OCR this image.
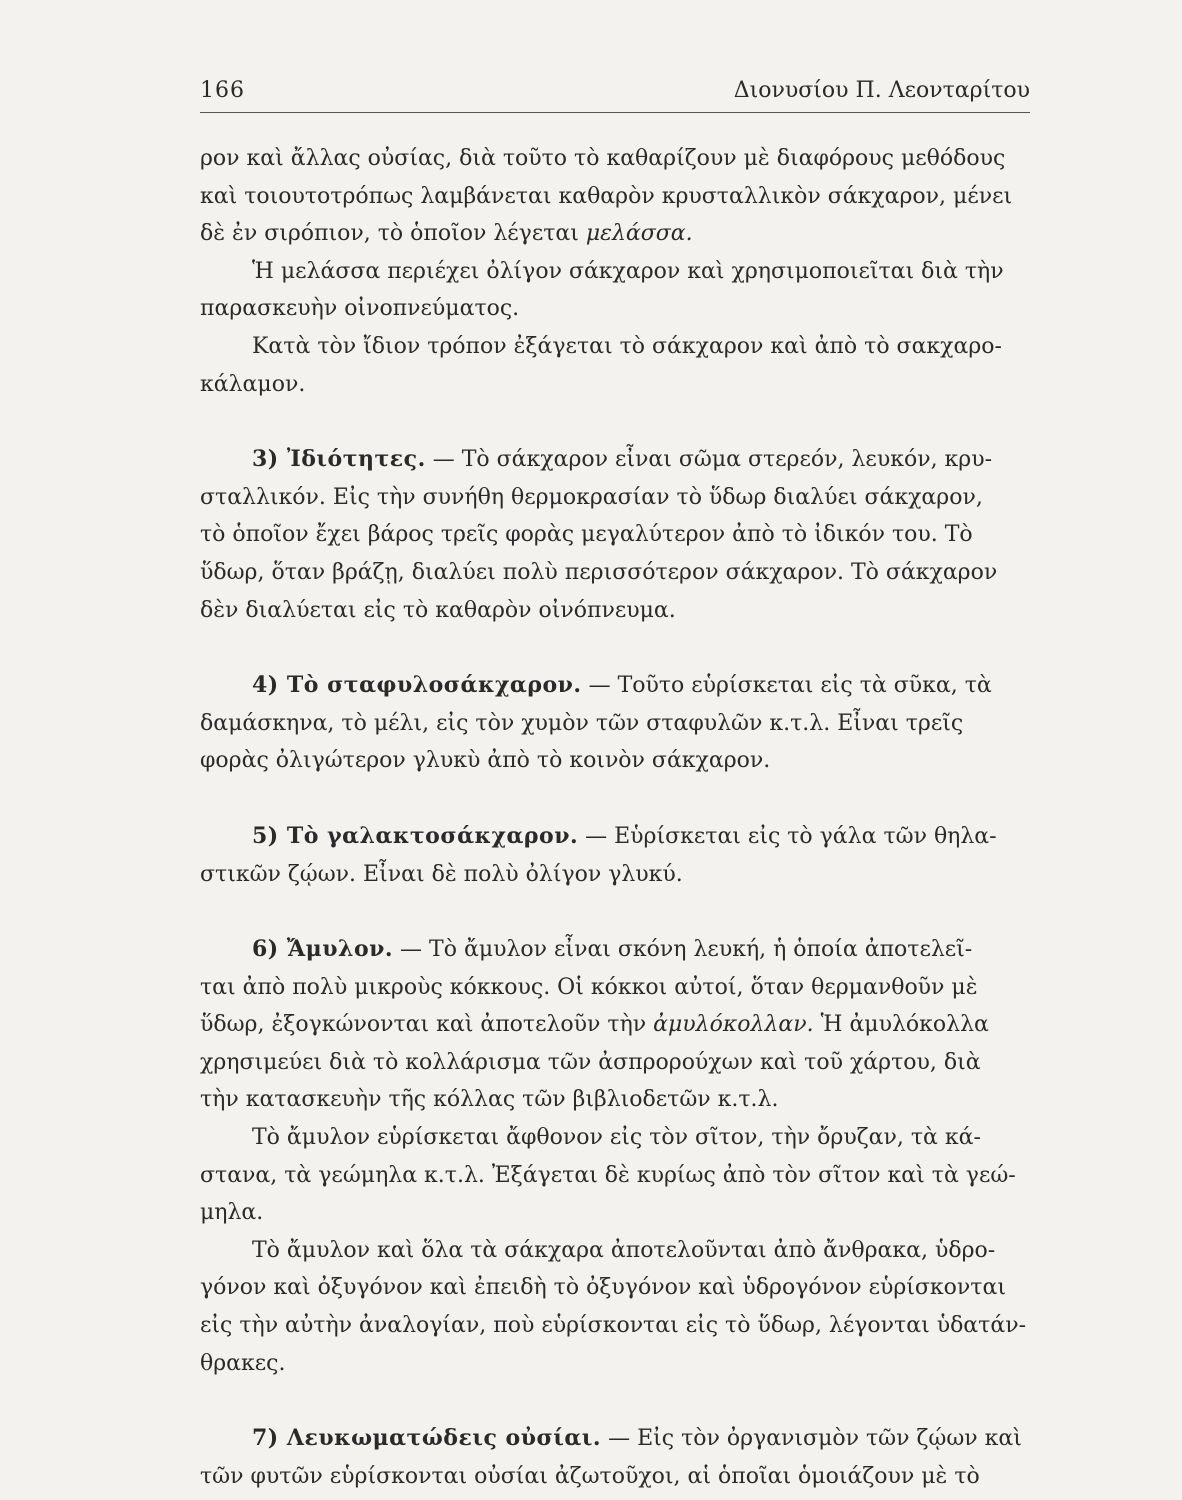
166	Διονυσίου Π. Λεονταρίτου

ρον καὶ ἄλλας οὐσίας, διὰ τοῦτο τὸ καθαρίζουν μὲ διαφόρους μεθόδους
καὶ τοιουτοτρόπως λαμβάνεται καθαρὸν κρυσταλλικὸν σάκχαρον, μένει
δὲ ἐν σιρόπιον, τὸ ὁποῖον λέγεται μελάσσα.
Ἡ μελάσσα περιέχει ὀλίγον σάκχαρον καὶ χρησιμοποιεῖται διὰ τὴν
παρασκευὴν οἰνοπνεύματος.
Κατὰ τὸν ἴδιον τρόπον ἐξάγεται τὸ σάκχαρον καὶ ἀπὸ τὸ σακχαρο-
κάλαμον.

3) Ἰδιότητες. — Τὸ σάκχαρον εἶναι σῶμα στερεόν, λευκόν, κρυ-
σταλλικόν. Εἰς τὴν συνήθη θερμοκρασίαν τὸ ὕδωρ διαλύει σάκχαρον,
τὸ ὁποῖον ἔχει βάρος τρεῖς φορὰς μεγαλύτερον ἀπὸ τὸ ἰδικόν του. Τὸ
ὕδωρ, ὅταν βράζῃ, διαλύει πολὺ περισσότερον σάκχαρον. Τὸ σάκχαρον
δὲν διαλύεται εἰς τὸ καθαρὸν οἰνόπνευμα.

4) Τὸ σταφυλοσάκχαρον. — Τοῦτο εὑρίσκεται εἰς τὰ σῦκα, τὰ
δαμάσκηνα, τὸ μέλι, εἰς τὸν χυμὸν τῶν σταφυλῶν κ.τ.λ. Εἶναι τρεῖς
φορὰς ὀλιγώτερον γλυκὺ ἀπὸ τὸ κοινὸν σάκχαρον.

5) Τὸ γαλακτοσάκχαρον. — Εὑρίσκεται εἰς τὸ γάλα τῶν θηλα-
στικῶν ζῴων. Εἶναι δὲ πολὺ ὀλίγον γλυκύ.

6) Ἄμυλον. — Τὸ ἄμυλον εἶναι σκόνη λευκή, ἡ ὁποία ἀποτελεῖ-
ται ἀπὸ πολὺ μικροὺς κόκκους. Οἱ κόκκοι αὐτοί, ὅταν θερμανθοῦν μὲ
ὕδωρ, ἐξογκώνονται καὶ ἀποτελοῦν τὴν ἀμυλόκολλαν. Ἡ ἀμυλόκολλα
χρησιμεύει διὰ τὸ κολλάρισμα τῶν ἀσπρορούχων καὶ τοῦ χάρτου, διὰ
τὴν κατασκευὴν τῆς κόλλας τῶν βιβλιοδετῶν κ.τ.λ.
Τὸ ἄμυλον εὑρίσκεται ἄφθονον εἰς τὸν σῖτον, τὴν ὄρυζαν, τὰ κά-
στανα, τὰ γεώμηλα κ.τ.λ. Ἐξάγεται δὲ κυρίως ἀπὸ τὸν σῖτον καὶ τὰ γεώ-
μηλα.
Τὸ ἄμυλον καὶ ὅλα τὰ σάκχαρα ἀποτελοῦνται ἀπὸ ἄνθρακα, ὑδρο-
γόνον καὶ ὀξυγόνον καὶ ἐπειδὴ τὸ ὀξυγόνον καὶ ὑδρογόνον εὑρίσκονται
εἰς τὴν αὐτὴν ἀναλογίαν, ποὺ εὑρίσκονται εἰς τὸ ὕδωρ, λέγονται ὑδατάν-
θρακες.

7) Λευκωματώδεις οὐσίαι. — Εἰς τὸν ὀργανισμὸν τῶν ζῴων καὶ
τῶν φυτῶν εὑρίσκονται οὐσίαι ἀζωτοῦχοι, αἱ ὁποῖαι ὁμοιάζουν μὲ τὸ
